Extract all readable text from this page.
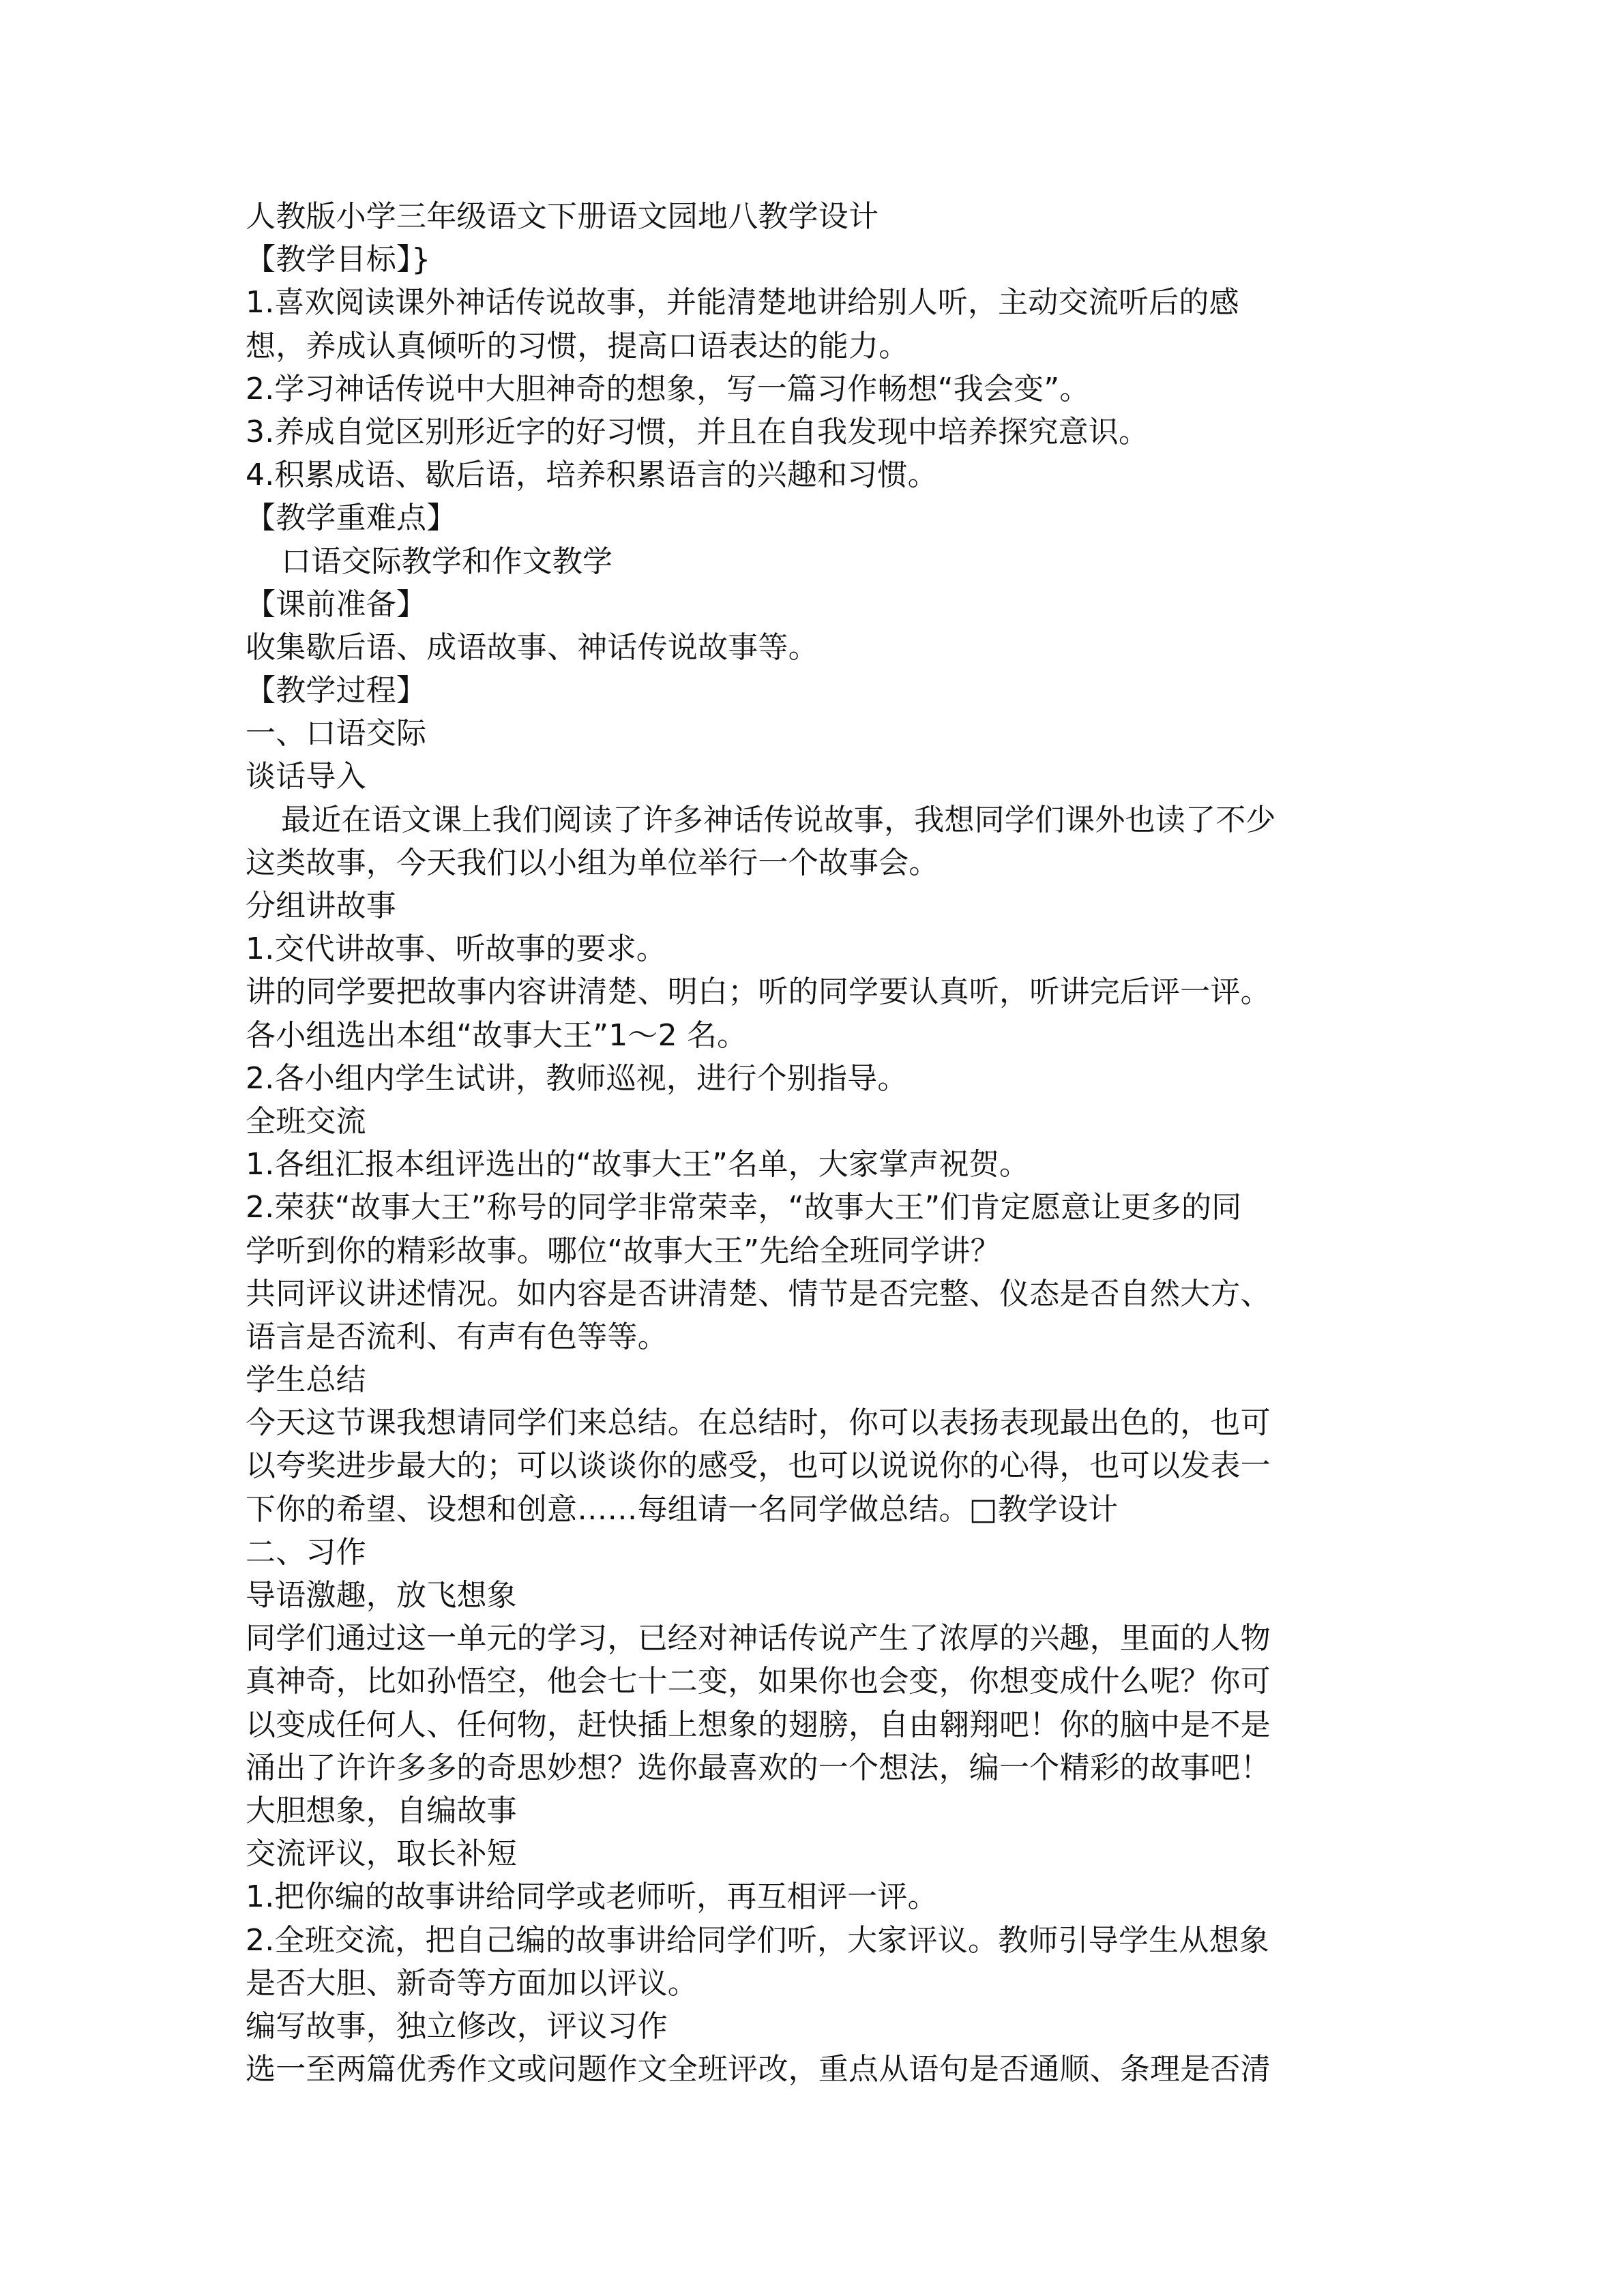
人教版小学三年级语文下册语文园地八教学设计
【教学目标】}
1.喜欢阅读课外神话传说故事，并能清楚地讲给别人听，主动交流听后的感
想，养成认真倾听的习惯，提高口语表达的能力。
2.学习神话传说中大胆神奇的想象，写一篇习作畅想“我会变”。
3.养成自觉区别形近字的好习惯，并且在自我发现中培养探究意识。
4.积累成语、歇后语，培养积累语言的兴趣和习惯。
【教学重难点】
口语交际教学和作文教学
【课前准备】
收集歇后语、成语故事、神话传说故事等。
【教学过程】
一、口语交际
谈话导入
最近在语文课上我们阅读了许多神话传说故事，我想同学们课外也读了不少
这类故事，今天我们以小组为单位举行一个故事会。
分组讲故事
1.交代讲故事、听故事的要求。
讲的同学要把故事内容讲清楚、明白；听的同学要认真听，听讲完后评一评。
各小组选出本组“故事大王”1～2 名。
2.各小组内学生试讲，教师巡视，进行个别指导。
全班交流
1.各组汇报本组评选出的“故事大王”名单，大家掌声祝贺。
2.荣获“故事大王”称号的同学非常荣幸，“故事大王”们肯定愿意让更多的同
学听到你的精彩故事。哪位“故事大王”先给全班同学讲？
共同评议讲述情况。如内容是否讲清楚、情节是否完整、仪态是否自然大方、
语言是否流利、有声有色等等。
学生总结
今天这节课我想请同学们来总结。在总结时，你可以表扬表现最出色的，也可
以夸奖进步最大的；可以谈谈你的感受，也可以说说你的心得，也可以发表一
下你的希望、设想和创意……每组请一名同学做总结。□教学设计
二、习作
导语激趣，放飞想象
同学们通过这一单元的学习，已经对神话传说产生了浓厚的兴趣，里面的人物
真神奇，比如孙悟空，他会七十二变，如果你也会变，你想变成什么呢？你可
以变成任何人、任何物，赶快插上想象的翅膀，自由翱翔吧！你的脑中是不是
涌出了许许多多的奇思妙想？选你最喜欢的一个想法，编一个精彩的故事吧！
大胆想象，自编故事
交流评议，取长补短
1.把你编的故事讲给同学或老师听，再互相评一评。
2.全班交流，把自己编的故事讲给同学们听，大家评议。教师引导学生从想象
是否大胆、新奇等方面加以评议。
编写故事，独立修改，评议习作
选一至两篇优秀作文或问题作文全班评改，重点从语句是否通顺、条理是否清
